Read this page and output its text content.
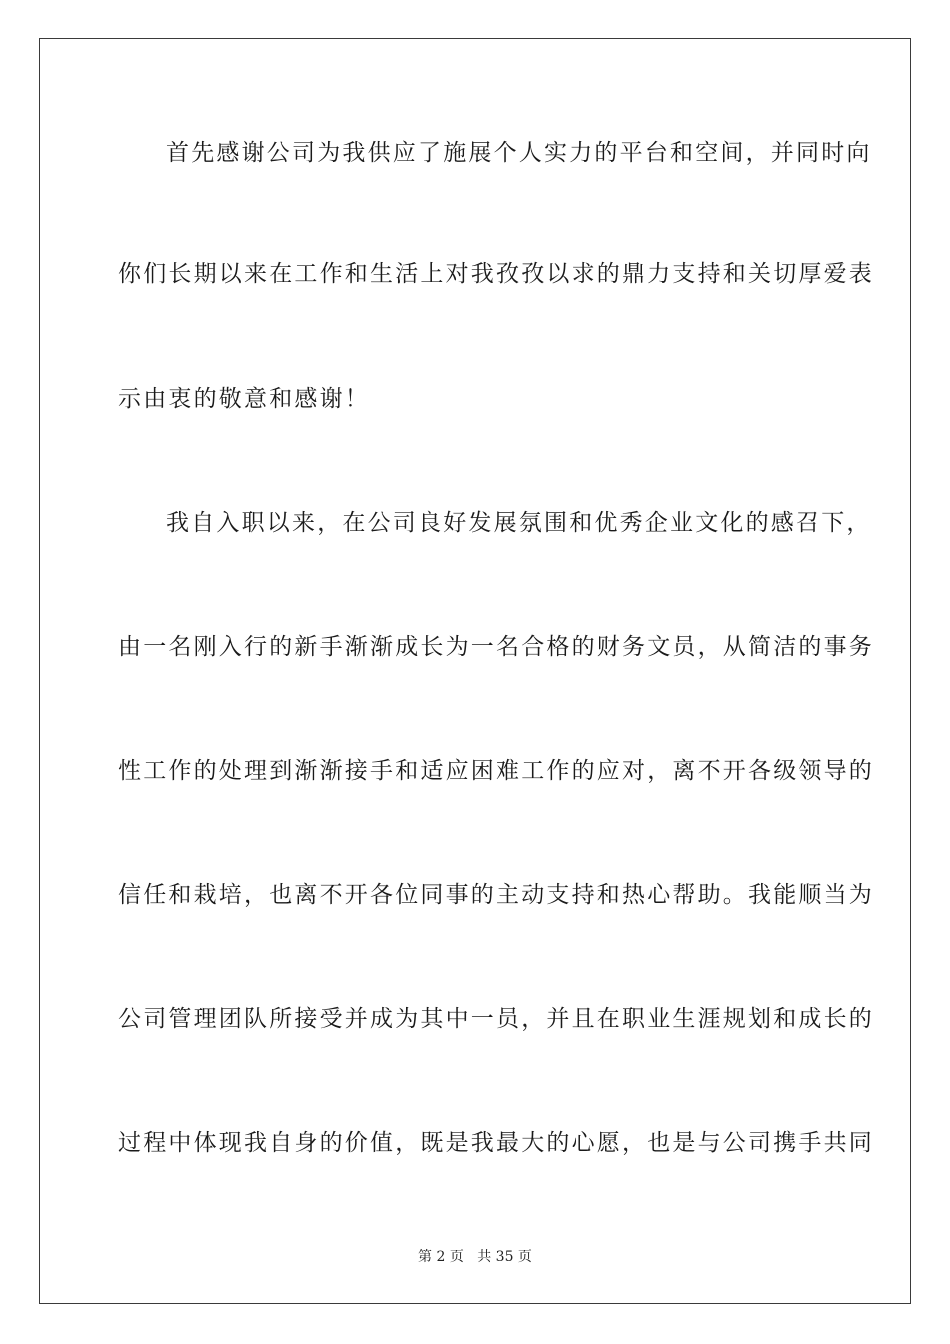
首先感谢公司为我供应了施展个人实力的平台和空间，并同时向
你们长期以来在工作和生活上对我孜孜以求的鼎力支持和关切厚爱表
示由衷的敬意和感谢！
我自入职以来，在公司良好发展氛围和优秀企业文化的感召下，
由一名刚入行的新手渐渐成长为一名合格的财务文员，从简洁的事务
性工作的处理到渐渐接手和适应困难工作的应对，离不开各级领导的
信任和栽培，也离不开各位同事的主动支持和热心帮助。我能顺当为
公司管理团队所接受并成为其中一员，并且在职业生涯规划和成长的
过程中体现我自身的价值，既是我最大的心愿，也是与公司携手共同
第 2 页 共 35 页
